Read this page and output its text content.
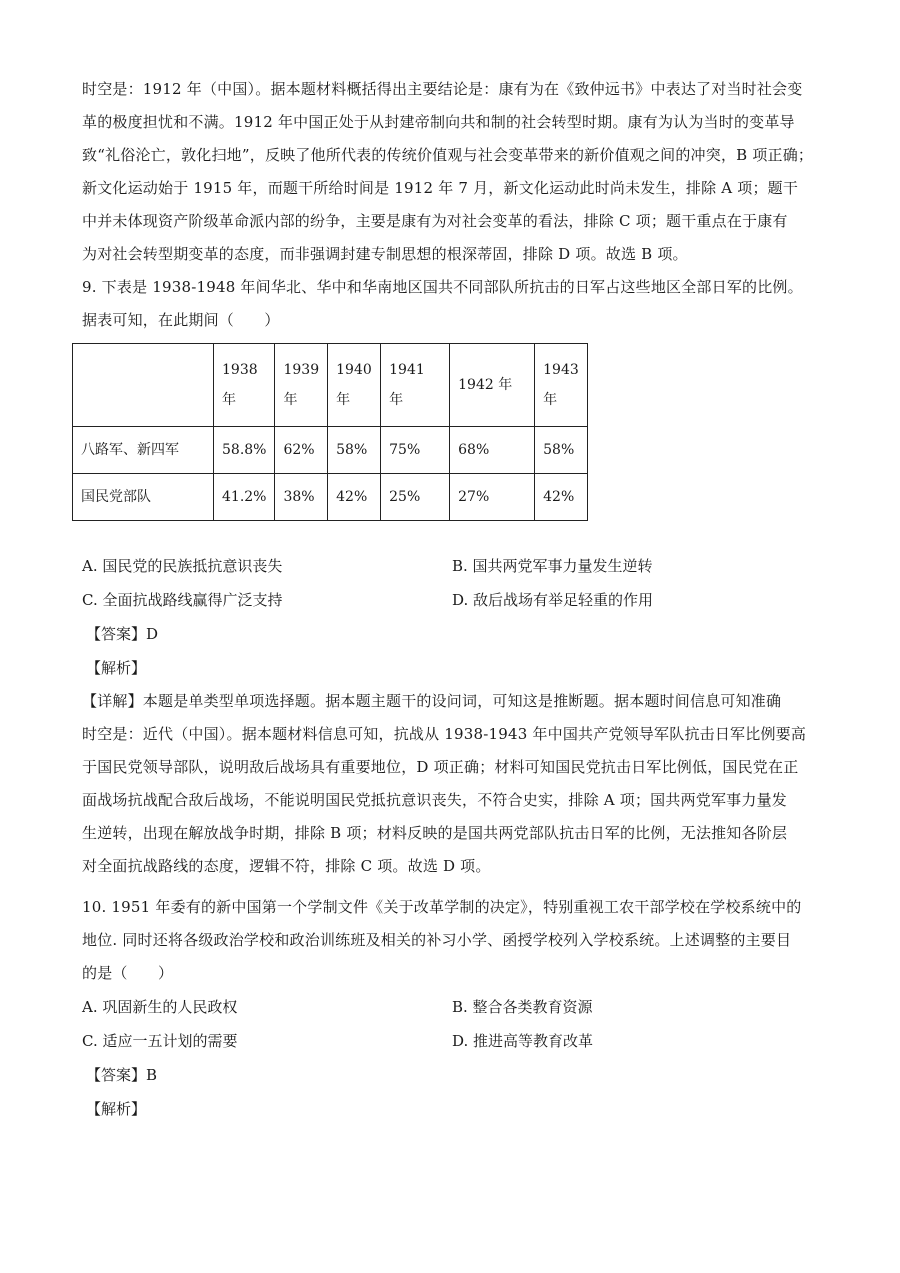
时空是：1912 年（中国）。据本题材料概括得出主要结论是：康有为在《致仲远书》中表达了对当时社会变
革的极度担忧和不满。1912 年中国正处于从封建帝制向共和制的社会转型时期。康有为认为当时的变革导
致“礼俗沦亡，敦化扫地”，反映了他所代表的传统价值观与社会变革带来的新价值观之间的冲突，B 项正确；
新文化运动始于 1915 年，而题干所给时间是 1912 年 7 月，新文化运动此时尚未发生，排除 A 项；题干
中并未体现资产阶级革命派内部的纷争，主要是康有为对社会变革的看法，排除 C 项；题干重点在于康有
为对社会转型期变革的态度，而非强调封建专制思想的根深蒂固，排除 D 项。故选 B 项。
9. 下表是 1938-1948 年间华北、华中和华南地区国共不同部队所抗击的日军占这些地区全部日军的比例。
据表可知，在此期间（　　）
	1938 年	1939 年	1940 年	1941 年	1942 年	1943 年
八路军、新四军	58.8%	62%	58%	75%	68%	58%
国民党部队	41.2%	38%	42%	25%	27%	42%
A. 国民党的民族抵抗意识丧失	B. 国共两党军事力量发生逆转
C. 全面抗战路线赢得广泛支持	D. 敌后战场有举足轻重的作用
【答案】D
【解析】
【详解】本题是单类型单项选择题。据本题主题干的设问词，可知这是推断题。据本题时间信息可知准确
时空是：近代（中国）。据本题材料信息可知，抗战从 1938-1943 年中国共产党领导军队抗击日军比例要高
于国民党领导部队，说明敌后战场具有重要地位，D 项正确；材料可知国民党抗击日军比例低，国民党在正
面战场抗战配合敌后战场，不能说明国民党抵抗意识丧失，不符合史实，排除 A 项；国共两党军事力量发
生逆转，出现在解放战争时期，排除 B 项；材料反映的是国共两党部队抗击日军的比例，无法推知各阶层
对全面抗战路线的态度，逻辑不符，排除 C 项。故选 D 项。
10. 1951 年委有的新中国第一个学制文件《关于改革学制的决定》，特别重视工农干部学校在学校系统中的
地位. 同时还将各级政治学校和政治训练班及相关的补习小学、函授学校列入学校系统。上述调整的主要目
的是（　　）
A. 巩固新生的人民政权	B. 整合各类教育资源
C. 适应一五计划的需要	D. 推进高等教育改革
【答案】B
【解析】
